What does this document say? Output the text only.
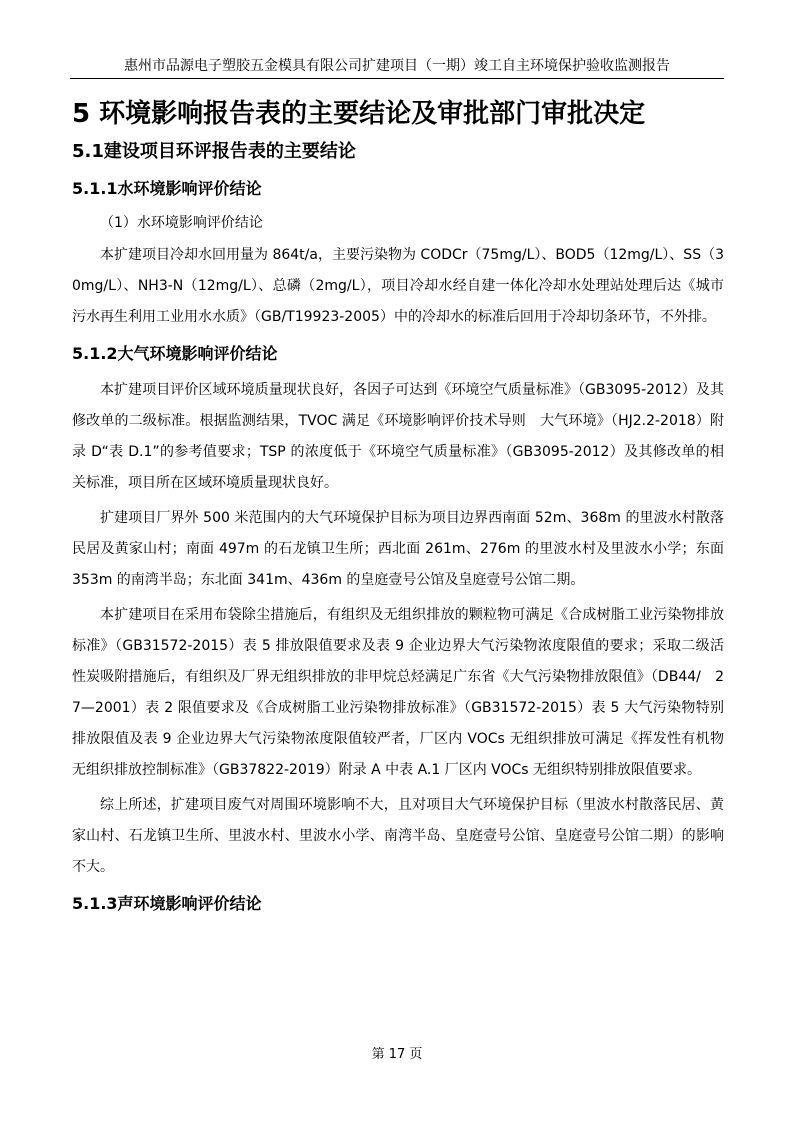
惠州市品源电子塑胶五金模具有限公司扩建项目（一期）竣工自主环境保护验收监测报告
5 环境影响报告表的主要结论及审批部门审批决定
5.1建设项目环评报告表的主要结论
5.1.1水环境影响评价结论
（1）水环境影响评价结论

本扩建项目冷却水回用量为 864t/a，主要污染物为 CODCr（75mg/L）、BOD5（12mg/L）、SS（30mg/L）、NH3-N（12mg/L）、总磷（2mg/L），项目冷却水经自建一体化冷却水处理站处理后达《城市污水再生利用工业用水水质》（GB/T19923-2005）中的冷却水的标准后回用于冷却切条环节，不外排。

5.1.2大气环境影响评价结论

本扩建项目评价区域环境质量现状良好，各因子可达到《环境空气质量标准》（GB3095-2012）及其修改单的二级标准。根据监测结果，TVOC 满足《环境影响评价技术导则　大气环境》（HJ2.2-2018）附录 D“表 D.1”的参考值要求；TSP 的浓度低于《环境空气质量标准》（GB3095-2012）及其修改单的相关标准，项目所在区域环境质量现状良好。

扩建项目厂界外 500 米范围内的大气环境保护目标为项目边界西南面 52m、368m 的里波水村散落民居及黄家山村；南面 497m 的石龙镇卫生所；西北面 261m、276m 的里波水村及里波水小学；东面 353m 的南湾半岛；东北面 341m、436m 的皇庭壹号公馆及皇庭壹号公馆二期。

本扩建项目在采用布袋除尘措施后，有组织及无组织排放的颗粒物可满足《合成树脂工业污染物排放标准》（GB31572-2015）表 5 排放限值要求及表 9 企业边界大气污染物浓度限值的要求；采取二级活性炭吸附措施后，有组织及厂界无组织排放的非甲烷总烃满足广东省《大气污染物排放限值》（DB44/　27—2001）表 2 限值要求及《合成树脂工业污染物排放标准》（GB31572-2015）表 5 大气污染物特别排放限值及表 9 企业边界大气污染物浓度限值较严者，厂区内 VOCs 无组织排放可满足《挥发性有机物无组织排放控制标准》（GB37822-2019）附录 A 中表 A.1 厂区内 VOCs 无组织特别排放限值要求。

综上所述，扩建项目废气对周围环境影响不大，且对项目大气环境保护目标（里波水村散落民居、黄家山村、石龙镇卫生所、里波水村、里波水小学、南湾半岛、皇庭壹号公馆、皇庭壹号公馆二期）的影响不大。

5.1.3声环境影响评价结论
第 17 页
